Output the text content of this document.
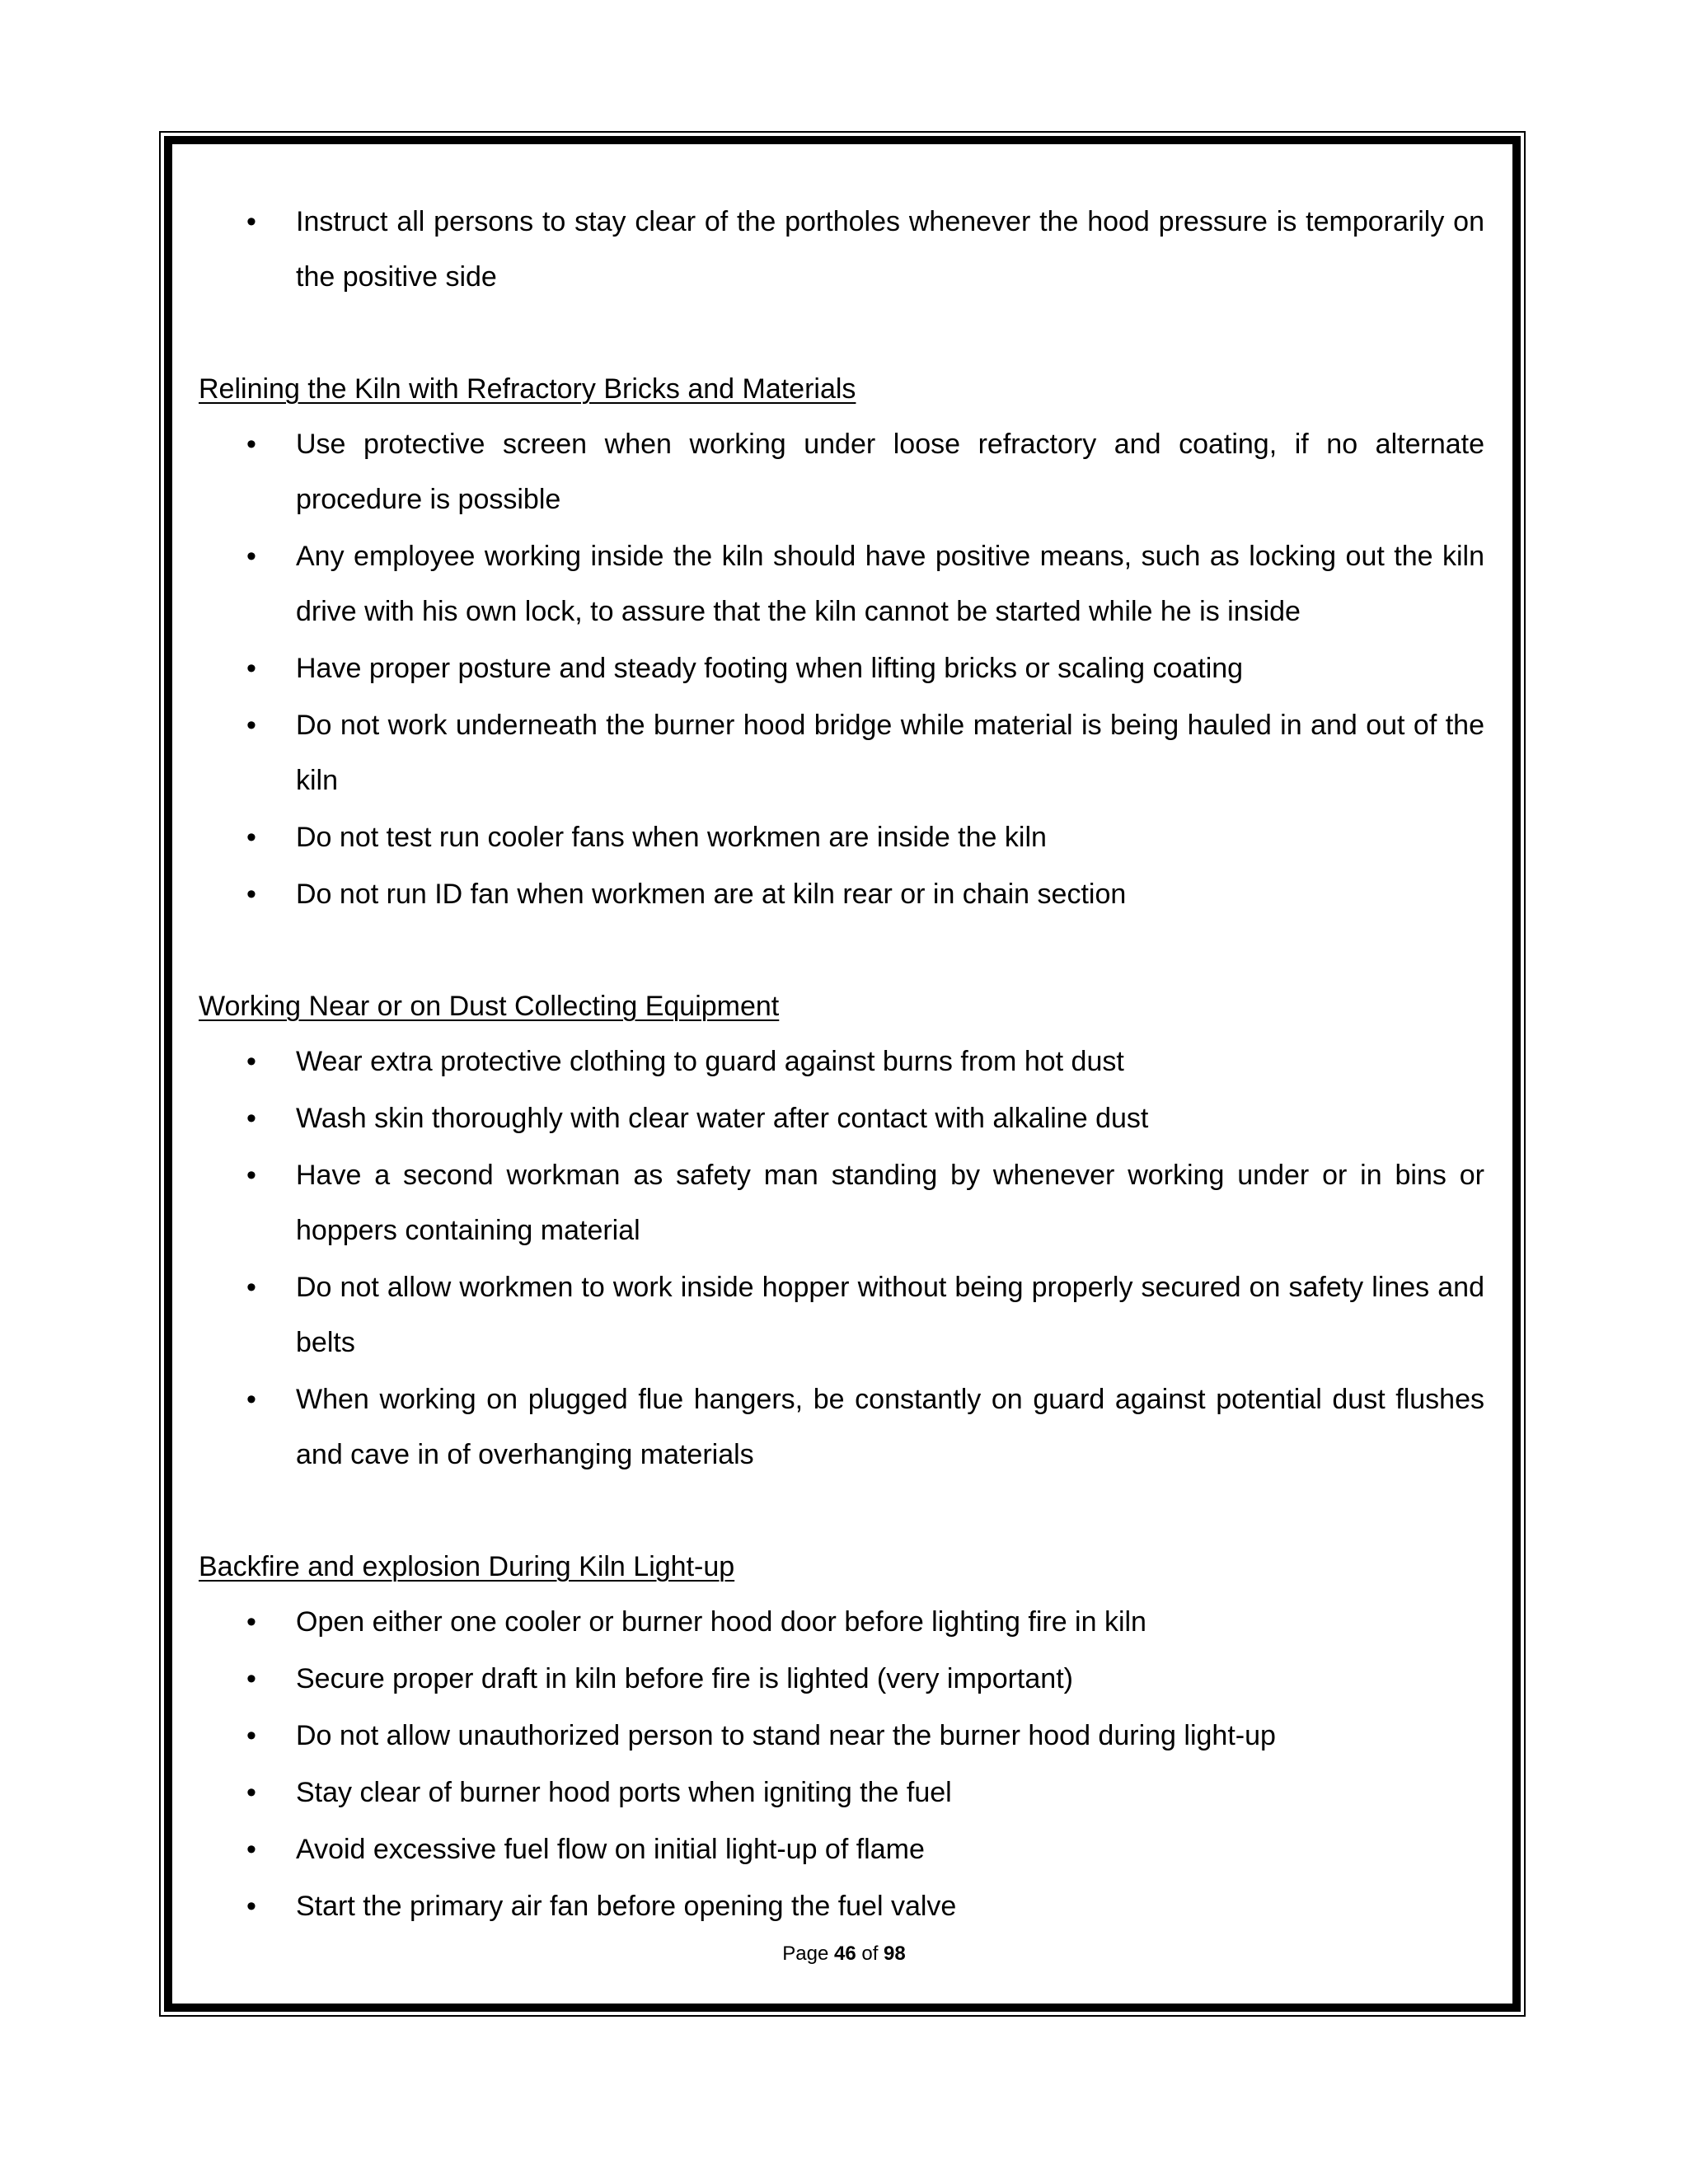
• Instruct all persons to stay clear of the portholes whenever the hood pressure is temporarily on the positive side
Relining the Kiln with Refractory Bricks and Materials
• Use protective screen when working under loose refractory and coating, if no alternate procedure is possible
• Any employee working inside the kiln should have positive means, such as locking out the kiln drive with his own lock, to assure that the kiln cannot be started while he is inside
• Have proper posture and steady footing when lifting bricks or scaling coating
• Do not work underneath the burner hood bridge while material is being hauled in and out of the kiln
• Do not test run cooler fans when workmen are inside the kiln
• Do not run ID fan when workmen are at kiln rear or in chain section
Working Near or on Dust Collecting Equipment
• Wear extra protective clothing to guard against burns from hot dust
• Wash skin thoroughly with clear water after contact with alkaline dust
• Have a second workman as safety man standing by whenever working under or in bins or hoppers containing material
• Do not allow workmen to work inside hopper without being properly secured on safety lines and belts
• When working on plugged flue hangers, be constantly on guard against potential dust flushes and cave in of overhanging materials
Backfire and explosion During Kiln Light-up
• Open either one cooler or burner hood door before lighting fire in kiln
• Secure proper draft in kiln before fire is lighted (very important)
• Do not allow unauthorized person to stand near the burner hood during light-up
• Stay clear of burner hood ports when igniting the fuel
• Avoid excessive fuel flow on initial light-up of flame
• Start the primary air fan before opening the fuel valve
Page 46 of 98
